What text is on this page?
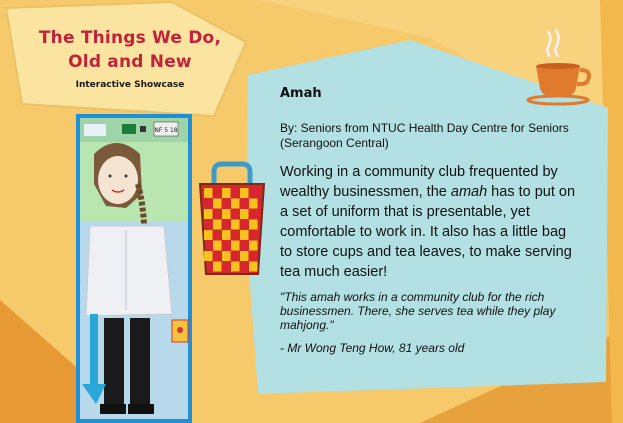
The Things We Do,
Old and New
Interactive Showcase
Amah
By: Seniors from NTUC Health Day Centre for Seniors (Serangoon Central)
Working in a community club frequented by wealthy businessmen, the amah has to put on a set of uniform that is presentable, yet comfortable to work in. It also has a little bag to store cups and tea leaves, to make serving tea much easier!
"This amah works in a community club for the rich businessmen. There, she serves tea while they play mahjong."
- Mr Wong Teng How, 81 years old
NF 5 18
